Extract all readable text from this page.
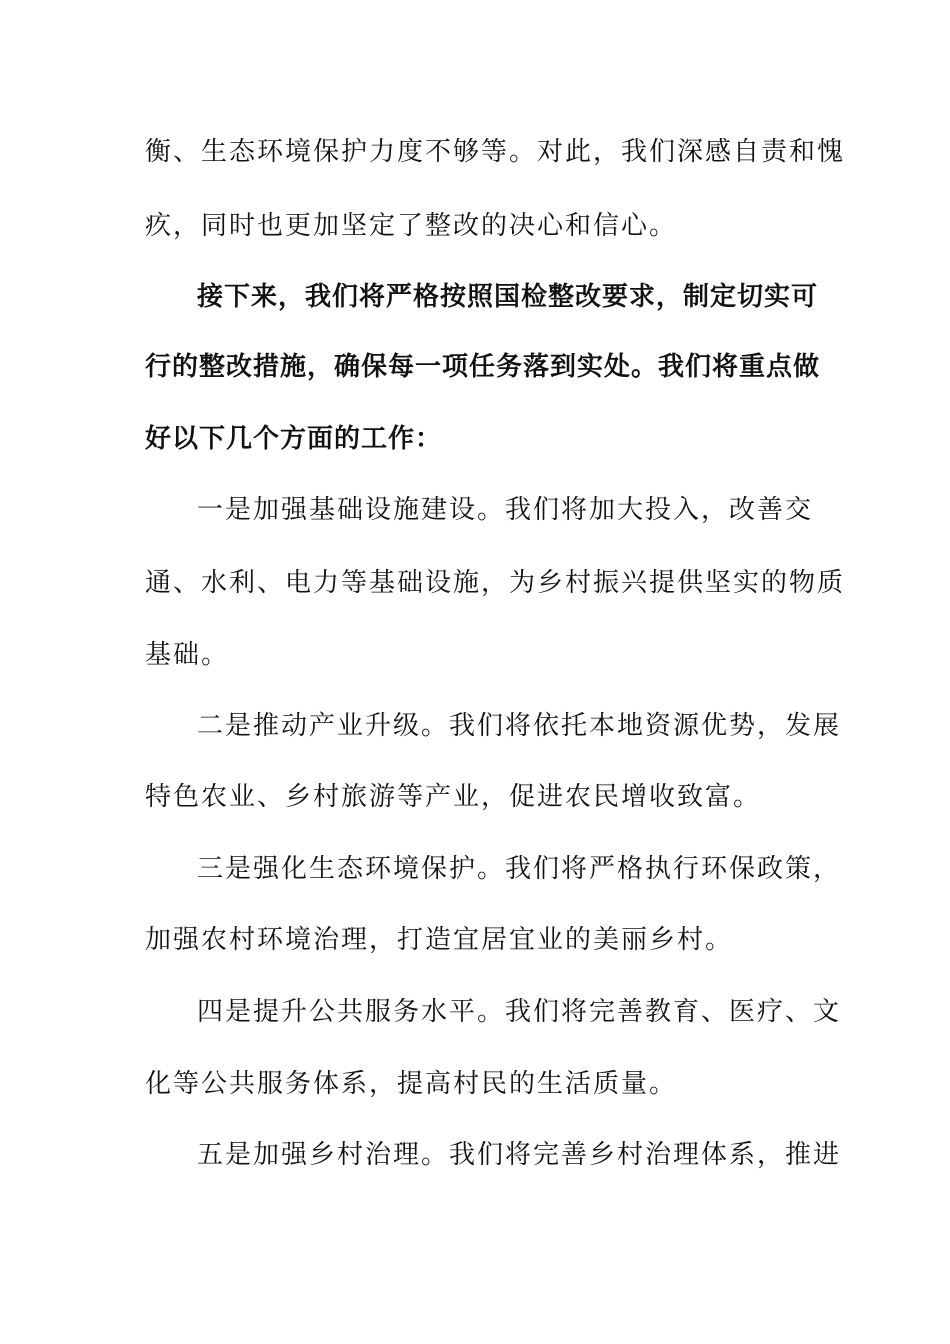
衡、生态环境保护力度不够等。对此，我们深感自责和愧
疚，同时也更加坚定了整改的决心和信心。
接下来，我们将严格按照国检整改要求，制定切实可
行的整改措施，确保每一项任务落到实处。我们将重点做
好以下几个方面的工作：
一是加强基础设施建设。我们将加大投入，改善交
通、水利、电力等基础设施，为乡村振兴提供坚实的物质
基础。
二是推动产业升级。我们将依托本地资源优势，发展
特色农业、乡村旅游等产业，促进农民增收致富。
三是强化生态环境保护。我们将严格执行环保政策，
加强农村环境治理，打造宜居宜业的美丽乡村。
四是提升公共服务水平。我们将完善教育、医疗、文
化等公共服务体系，提高村民的生活质量。
五是加强乡村治理。我们将完善乡村治理体系，推进
